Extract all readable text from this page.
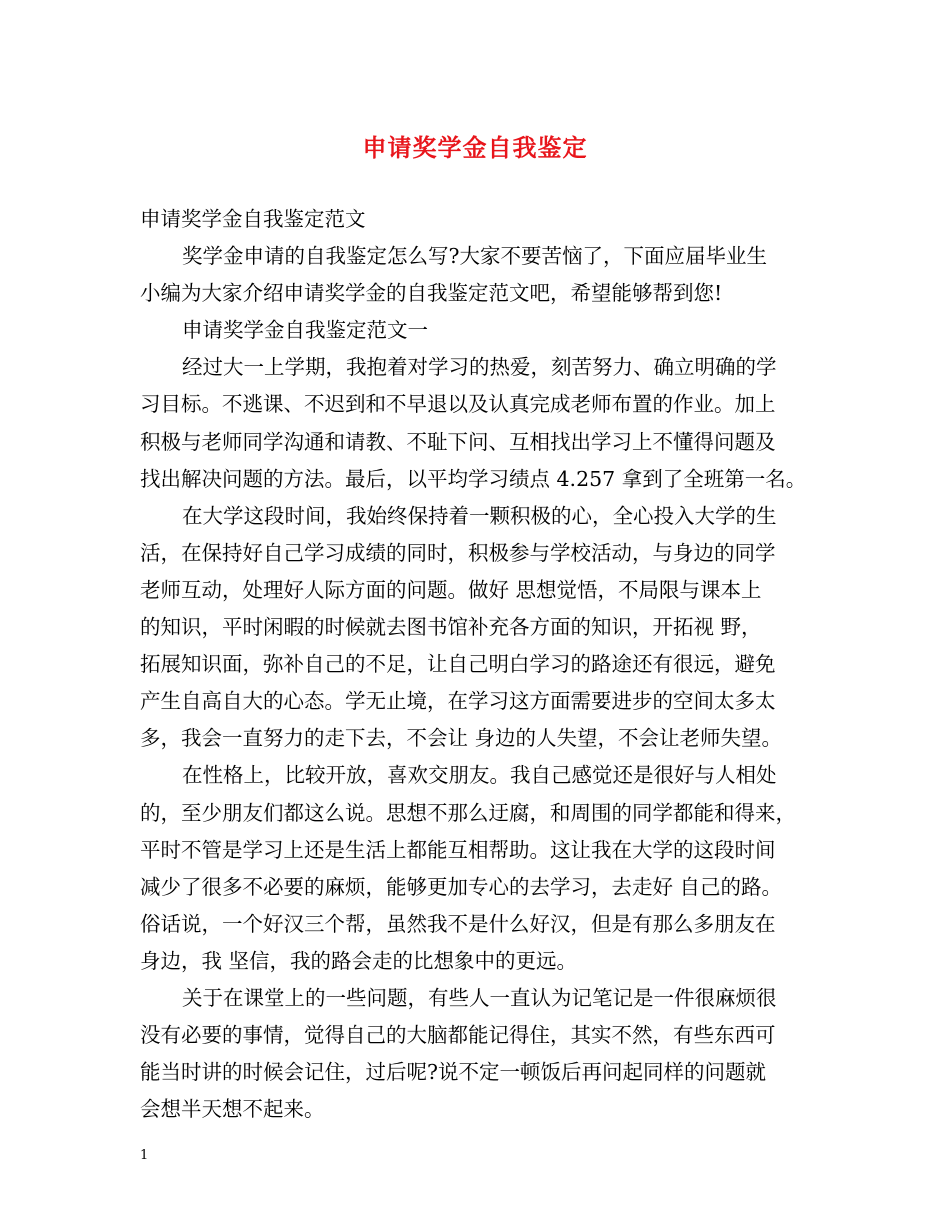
申请奖学金自我鉴定
申请奖学金自我鉴定范文
奖学金申请的自我鉴定怎么写?大家不要苦恼了，下面应届毕业生
小编为大家介绍申请奖学金的自我鉴定范文吧，希望能够帮到您!
申请奖学金自我鉴定范文一
经过大一上学期，我抱着对学习的热爱，刻苦努力、确立明确的学
习目标。不逃课、不迟到和不早退以及认真完成老师布置的作业。加上
积极与老师同学沟通和请教、不耻下问、互相找出学习上不懂得问题及
找出解决问题的方法。最后，以平均学习绩点 4.257 拿到了全班第一名。
在大学这段时间，我始终保持着一颗积极的心，全心投入大学的生
活，在保持好自己学习成绩的同时，积极参与学校活动，与身边的同学
老师互动，处理好人际方面的问题。做好 思想觉悟，不局限与课本上
的知识，平时闲暇的时候就去图书馆补充各方面的知识，开拓视 野，
拓展知识面，弥补自己的不足，让自己明白学习的路途还有很远，避免
产生自高自大的心态。学无止境，在学习这方面需要进步的空间太多太
多，我会一直努力的走下去，不会让 身边的人失望，不会让老师失望。
在性格上，比较开放，喜欢交朋友。我自己感觉还是很好与人相处
的，至少朋友们都这么说。思想不那么迂腐，和周围的同学都能和得来，
平时不管是学习上还是生活上都能互相帮助。这让我在大学的这段时间
减少了很多不必要的麻烦，能够更加专心的去学习，去走好 自己的路。
俗话说，一个好汉三个帮，虽然我不是什么好汉，但是有那么多朋友在
身边，我 坚信，我的路会走的比想象中的更远。
关于在课堂上的一些问题，有些人一直认为记笔记是一件很麻烦很
没有必要的事情，觉得自己的大脑都能记得住，其实不然，有些东西可
能当时讲的时候会记住，过后呢?说不定一顿饭后再问起同样的问题就
会想半天想不起来。
1
